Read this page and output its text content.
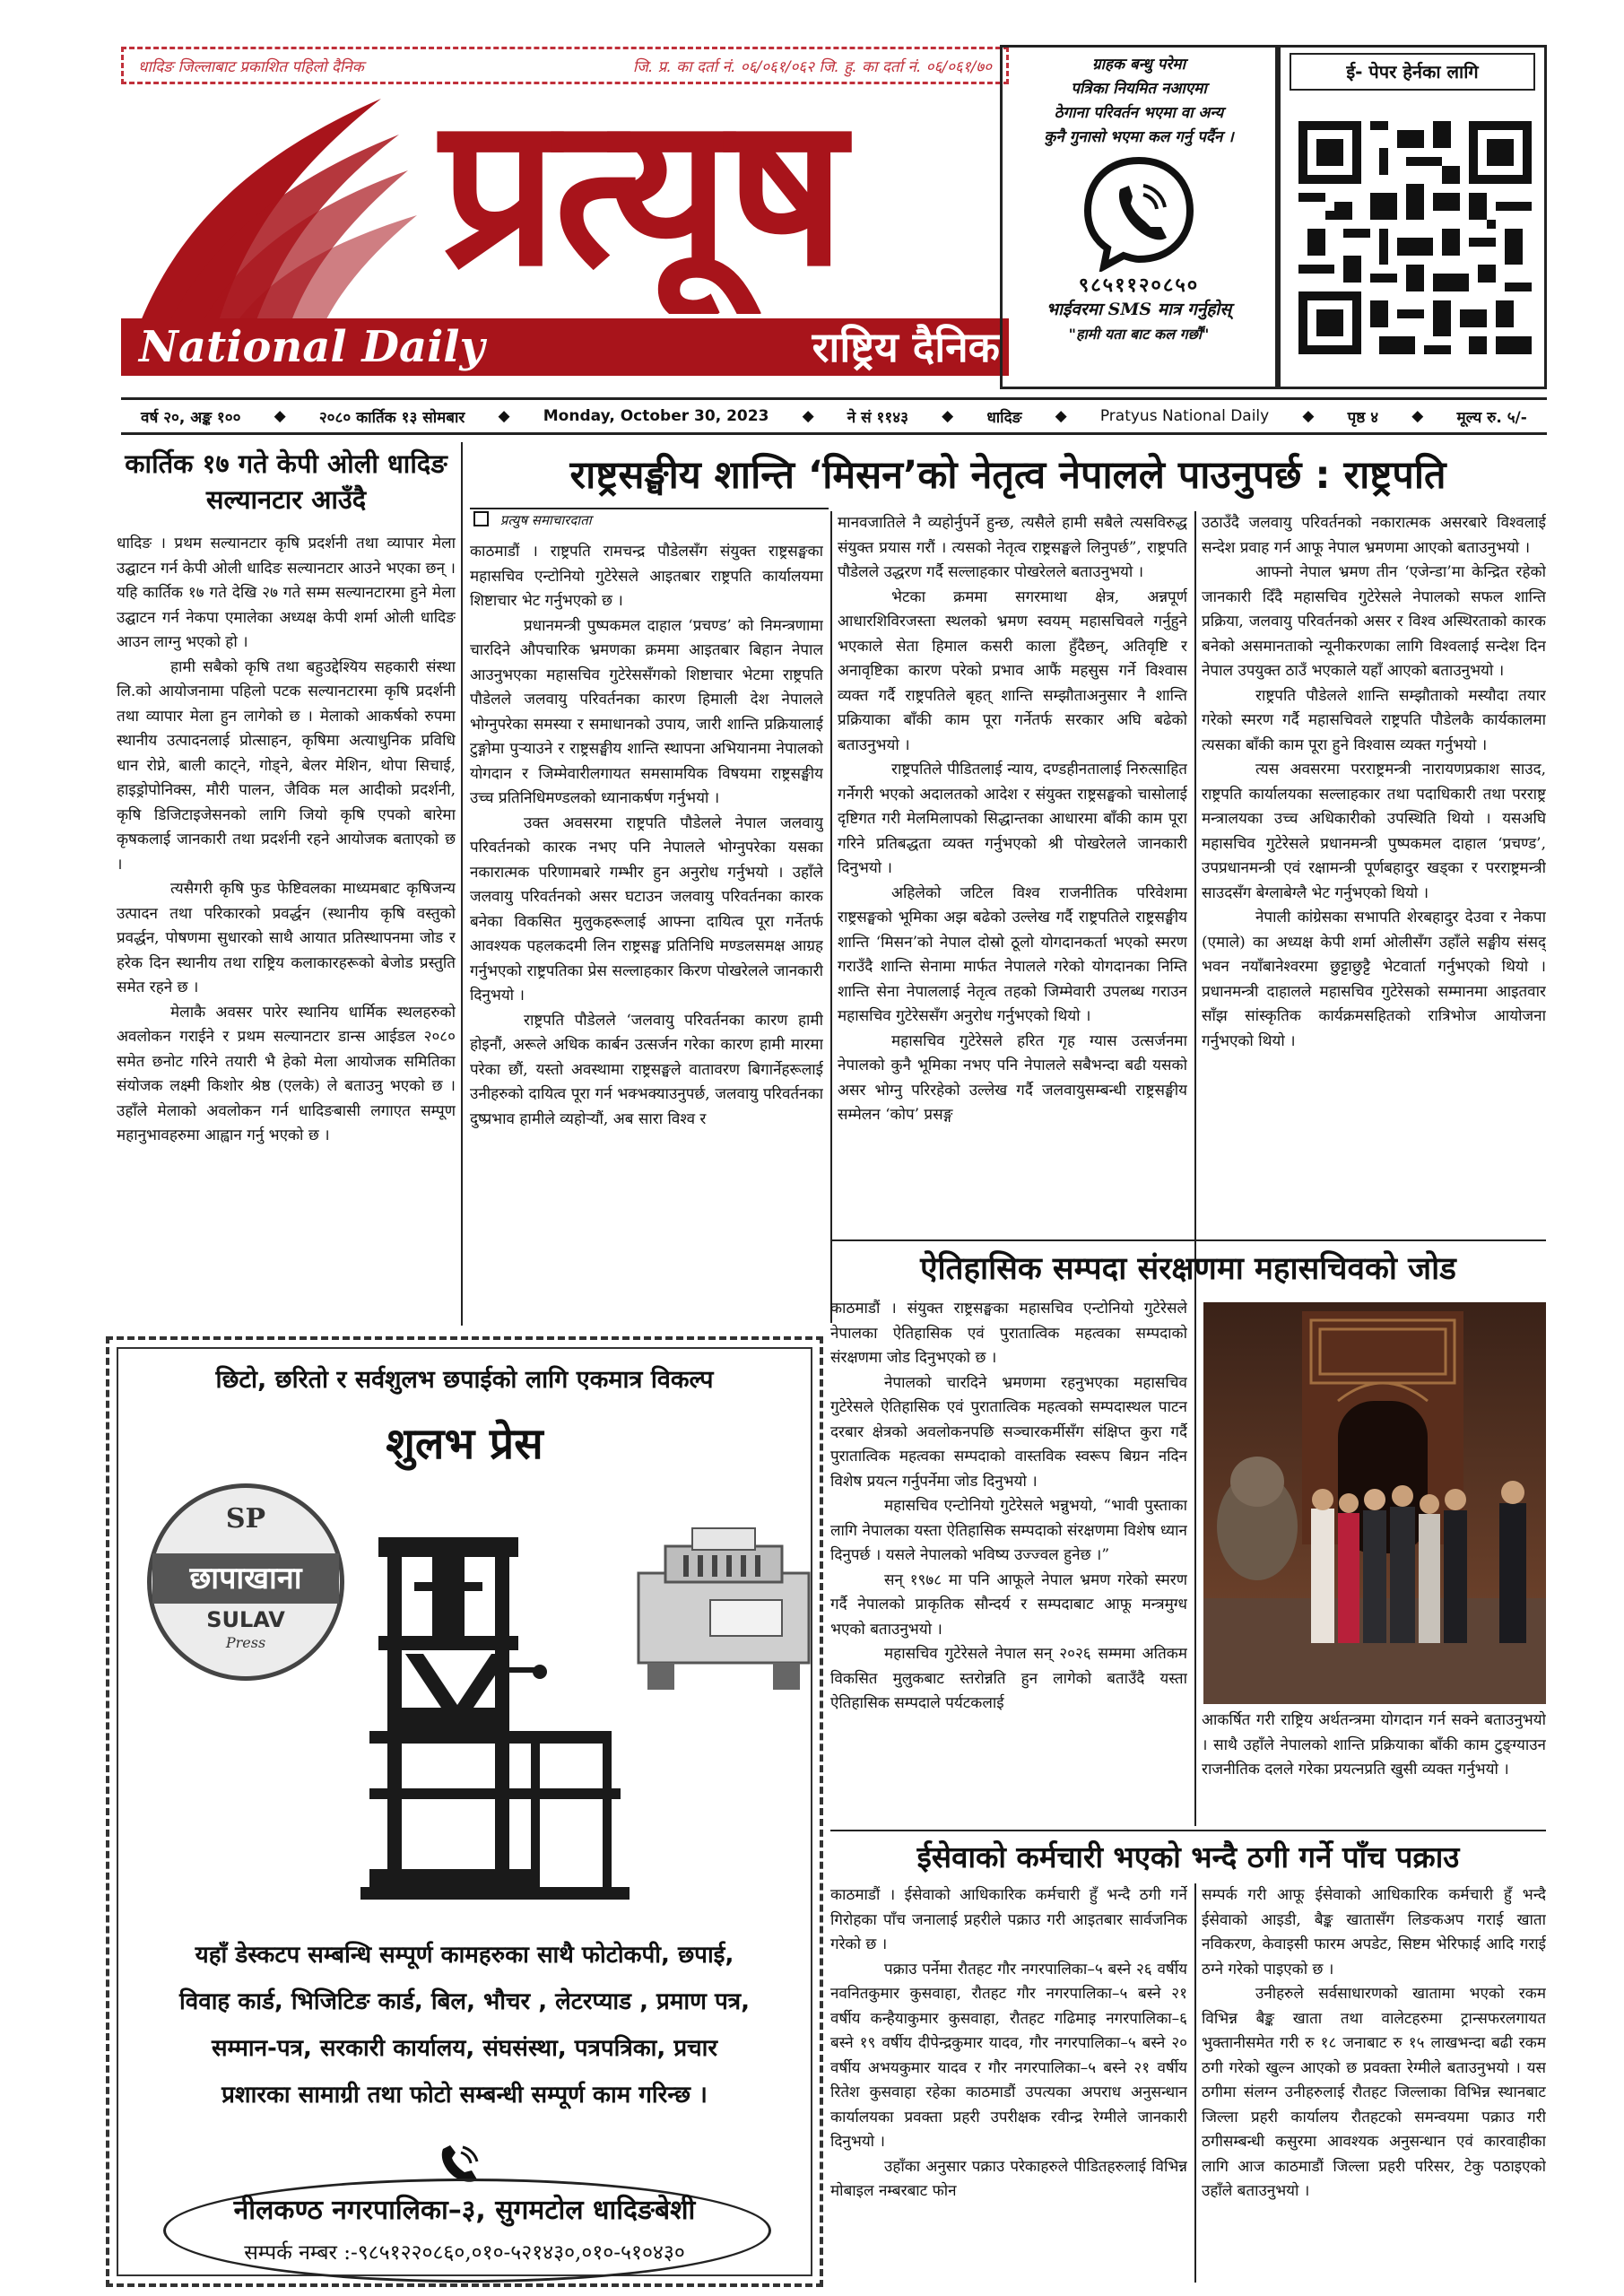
धादिङ जिल्लाबाट प्रकाशित पहिलो दैनिक	जि. प्र. का दर्ता नं. ०६/०६१/०६२ जि. हु. का दर्ता नं. ०६/०६१/७०
प्रत्यूष
National Daily	राष्ट्रिय दैनिक
ग्राहक बन्धु परेमा
पत्रिका नियमित नआएमा
ठेगाना परिवर्तन भएमा वा अन्य
कुनै गुनासो भएमा कल गर्नु पर्दैन ।
९८५११२०८५०
भाईवरमा SMS मात्र गर्नुहोस्
"हामी यता बाट कल गर्छौं"
ई- पेपर हेर्नका लागि
वर्ष २०, अङ्क १०० ◆ २०८० कार्तिक १३ सोमबार ◆ Monday, October 30, 2023 ◆ ने सं ११४३ ◆ धादिङ ◆ Pratyus National Daily ◆ पृष्ठ ४ ◆ मूल्य रु. ५/-
कार्तिक १७ गते केपी ओली धादिङ सल्यानटार आउँदै

धादिङ । प्रथम सल्यानटार कृषि प्रदर्शनी तथा व्यापार मेला उद्घाटन गर्न केपी ओली धादिङ सल्यानटार आउने भएका छन् । यहि कार्तिक १७ गते देखि २७ गते सम्म सल्यानटारमा हुने मेला उद्घाटन गर्न नेकपा एमालेका अध्यक्ष केपी शर्मा ओली धादिङ आउन लाग्नु भएको हो ।

हामी सबैको कृषि तथा बहुउद्देश्यिय सहकारी संस्था लि.को आयोजनामा पहिलो पटक सल्यानटारमा कृषि प्रदर्शनी तथा व्यापार मेला हुन लागेको छ । मेलाको आकर्षको रुपमा स्थानीय उत्पादनलाई प्रोत्साहन, कृषिमा अत्याधुनिक प्रविधि धान रोप्ने, बाली काट्ने, गोड्ने, बेलर मेशिन, थोपा सिचाई, हाइड्रोपोनिक्स, मौरी पालन, जैविक मल आदीको प्रदर्शनी, कृषि डिजिटाइजेसनको लागि जियो कृषि एपको बारेमा कृषकलाई जानकारी तथा प्रदर्शनी रहने आयोजक बताएको छ ।

त्यसैगरी कृषि फुड फेष्टिवलका माध्यमबाट कृषिजन्य उत्पादन तथा परिकारको प्रवर्द्धन (स्थानीय कृषि वस्तुको प्रवर्द्धन, पोषणमा सुधारको साथै आयात प्रतिस्थापनमा जोड र हरेक दिन स्थानीय तथा राष्ट्रिय कलाकारहरूको बेजोड प्रस्तुति समेत रहने छ ।

मेलाकै अवसर पारेर स्थानिय धार्मिक स्थलहरुको अवलोकन गराईने र प्रथम सल्यानटार डान्स आईडल २०८० समेत छनोट गरिने तयारी भै हेको मेला आयोजक समितिका संयोजक लक्ष्मी किशोर श्रेष्ठ (एलके) ले बताउनु भएको छ । उहाँले मेलाको अवलोकन गर्न धादिङबासी लगाएत सम्पूण महानुभावहरुमा आह्वान गर्नु भएको छ ।

राष्ट्रसङ्घीय शान्ति ‘मिसन’को नेतृत्व नेपालले पाउनुपर्छ : राष्ट्रपति
प्रत्युष समाचारदाता

काठमाडौं । राष्ट्रपति रामचन्द्र पौडेलसँग संयुक्त राष्ट्रसङ्घका महासचिव एन्टोनियो गुटेरेसले आइतबार राष्ट्रपति कार्यालयमा शिष्टाचार भेट गर्नुभएको छ ।

प्रधानमन्त्री पुष्पकमल दाहाल ‘प्रचण्ड’ को निमन्त्रणामा चारदिने औपचारिक भ्रमणका क्रममा आइतबार बिहान नेपाल आउनुभएका महासचिव गुटेरेससँगको शिष्टाचार भेटमा राष्ट्रपति पौडेलले जलवायु परिवर्तनका कारण हिमाली देश नेपालले भोग्नुपरेका समस्या र समाधानको उपाय, जारी शान्ति प्रक्रियालाई टुङ्गोमा पुऱ्याउने र राष्ट्रसङ्घीय शान्ति स्थापना अभियानमा नेपालको योगदान र जिम्मेवारीलगायत समसामयिक विषयमा राष्ट्रसङ्घीय उच्च प्रतिनिधिमण्डलको ध्यानाकर्षण गर्नुभयो ।

उक्त अवसरमा राष्ट्रपति पौडेलले नेपाल जलवायु परिवर्तनको कारक नभए पनि नेपालले भोग्नुपरेका यसका नकारात्मक परिणामबारे गम्भीर हुन अनुरोध गर्नुभयो । उहाँले जलवायु परिवर्तनको असर घटाउन जलवायु परिवर्तनका कारक बनेका विकसित मुलुकहरूलाई आफ्ना दायित्व पूरा गर्नेतर्फ आवश्यक पहलकदमी लिन राष्ट्रसङ्घ प्रतिनिधि मण्डलसमक्ष आग्रह गर्नुभएको राष्ट्रपतिका प्रेस सल्लाहकार किरण पोखरेलले जानकारी दिनुभयो ।

राष्ट्रपति पौडेलले ‘जलवायु परिवर्तनका कारण हामी होइनौं, अरूले अधिक कार्बन उत्सर्जन गरेका कारण हामी मारमा परेका छौं, यस्तो अवस्थामा राष्ट्रसङ्घले वातावरण बिगार्नेहरूलाई उनीहरुको दायित्व पूरा गर्न भक्भक्याउनुपर्छ, जलवायु परिवर्तनका दुष्प्रभाव हामीले व्यहोर्‍यौं, अब सारा विश्व र

मानवजातिले नै व्यहोर्नुपर्ने हुन्छ, त्यसैले हामी सबैले त्यसविरुद्ध संयुक्त प्रयास गरौं । त्यसको नेतृत्व राष्ट्रसङ्घले लिनुपर्छ”, राष्ट्रपति पौडेलले उद्धरण गर्दै सल्लाहकार पोखरेलले बताउनुभयो ।

भेटका क्रममा सगरमाथा क्षेत्र, अन्नपूर्ण आधारशिविरजस्ता स्थलको भ्रमण स्वयम् महासचिवले गर्नुहुने भएकाले सेता हिमाल कसरी काला हुँदैछन्, अतिवृष्टि र अनावृष्टिका कारण परेको प्रभाव आफैं महसुस गर्ने विश्वास व्यक्त गर्दै राष्ट्रपतिले बृहत् शान्ति सम्झौताअनुसार नै शान्ति प्रक्रियाका बाँकी काम पूरा गर्नेतर्फ सरकार अघि बढेको बताउनुभयो ।

राष्ट्रपतिले पीडितलाई न्याय, दण्डहीनतालाई निरुत्साहित गर्नेगरी भएको अदालतको आदेश र संयुक्त राष्ट्रसङ्घको चासोलाई दृष्टिगत गरी मेलमिलापको सिद्धान्तका आधारमा बाँकी काम पूरा गरिने प्रतिबद्धता व्यक्त गर्नुभएको श्री पोखरेलले जानकारी दिनुभयो ।

अहिलेको जटिल विश्व राजनीतिक परिवेशमा राष्ट्रसङ्घको भूमिका अझ बढेको उल्लेख गर्दै राष्ट्रपतिले राष्ट्रसङ्घीय शान्ति ‘मिसन’को नेपाल दोस्रो ठूलो योगदानकर्ता भएको स्मरण गराउँदै शान्ति सेनामा मार्फत नेपालले गरेको योगदानका निम्ति शान्ति सेना नेपाललाई नेतृत्व तहको जिम्मेवारी उपलब्ध गराउन महासचिव गुटेरेससँग अनुरोध गर्नुभएको थियो ।

महासचिव गुटेरेसले हरित गृह ग्यास उत्सर्जनमा नेपालको कुनै भूमिका नभए पनि नेपालले सबैभन्दा बढी यसको असर भोग्नु परिरहेको उल्लेख गर्दै जलवायुसम्बन्धी राष्ट्रसङ्घीय सम्मेलन ‘कोप’ प्रसङ्ग

उठाउँदै जलवायु परिवर्तनको नकारात्मक असरबारे विश्वलाई सन्देश प्रवाह गर्न आफू नेपाल भ्रमणमा आएको बताउनुभयो ।

आफ्नो नेपाल भ्रमण तीन ‘एजेन्डा’मा केन्द्रित रहेको जानकारी दिँदै महासचिव गुटेरेसले नेपालको सफल शान्ति प्रक्रिया, जलवायु परिवर्तनको असर र विश्व अस्थिरताको कारक बनेको असमानताको न्यूनीकरणका लागि विश्वलाई सन्देश दिन नेपाल उपयुक्त ठाउँ भएकाले यहाँ आएको बताउनुभयो ।

राष्ट्रपति पौडेलले शान्ति सम्झौताको मस्यौदा तयार गरेको स्मरण गर्दै महासचिवले राष्ट्रपति पौडेलकै कार्यकालमा त्यसका बाँकी काम पूरा हुने विश्वास व्यक्त गर्नुभयो ।

त्यस अवसरमा परराष्ट्रमन्त्री नारायणप्रकाश साउद, राष्ट्रपति कार्यालयका सल्लाहकार तथा पदाधिकारी तथा परराष्ट्र मन्त्रालयका उच्च अधिकारीको उपस्थिति थियो । यसअघि महासचिव गुटेरेसले प्रधानमन्त्री पुष्पकमल दाहाल ‘प्रचण्ड’, उपप्रधानमन्त्री एवं रक्षामन्त्री पूर्णबहादुर खड्का र परराष्ट्रमन्त्री साउदसँग बेग्लाबेग्लै भेट गर्नुभएको थियो ।

नेपाली कांग्रेसका सभापति शेरबहादुर देउवा र नेकपा (एमाले) का अध्यक्ष केपी शर्मा ओलीसँग उहाँले सङ्घीय संसद् भवन नयाँबानेश्वरमा छुट्टाछुट्टै भेटवार्ता गर्नुभएको थियो । प्रधानमन्त्री दाहालले महासचिव गुटेरेसको सम्मानमा आइतवार साँझ सांस्कृतिक कार्यक्रमसहितको रात्रिभोज आयोजना गर्नुभएको थियो ।

ऐतिहासिक सम्पदा संरक्षणमा महासचिवको जोड

काठमाडौं । संयुक्त राष्ट्रसङ्घका महासचिव एन्टोनियो गुटेरेसले नेपालका ऐतिहासिक एवं पुरातात्विक महत्वका सम्पदाको संरक्षणमा जोड दिनुभएको छ ।

नेपालको चारदिने भ्रमणमा रहनुभएका महासचिव गुटेरेसले ऐतिहासिक एवं पुरातात्विक महत्वको सम्पदास्थल पाटन दरबार क्षेत्रको अवलोकनपछि सञ्चारकर्मीसँग संक्षिप्त कुरा गर्दै पुरातात्विक महत्वका सम्पदाको वास्तविक स्वरूप बिग्रन नदिन विशेष प्रयत्न गर्नुपर्नेमा जोड दिनुभयो ।

महासचिव एन्टोनियो गुटेरेसले भन्नुभयो, “भावी पुस्ताका लागि नेपालका यस्ता ऐतिहासिक सम्पदाको संरक्षणमा विशेष ध्यान दिनुपर्छ । यसले नेपालको भविष्य उज्ज्वल हुनेछ ।”

सन् १९७८ मा पनि आफूले नेपाल भ्रमण गरेको स्मरण गर्दै नेपालको प्राकृतिक सौन्दर्य र सम्पदाबाट आफू मन्त्रमुग्ध भएको बताउनुभयो ।

महासचिव गुटेरेसले नेपाल सन् २०२६ सम्ममा अतिकम विकसित मुलुकबाट स्तरोन्नति हुन लागेको बताउँदै यस्ता ऐतिहासिक सम्पदाले पर्यटकलाई

आकर्षित गरी राष्ट्रिय अर्थतन्त्रमा योगदान गर्न सक्ने बताउनुभयो । साथै उहाँले नेपालको शान्ति प्रक्रियाका बाँकी काम टुङ्ग्याउन राजनीतिक दलले गरेका प्रयत्नप्रति खुसी व्यक्त गर्नुभयो ।

ईसेवाको कर्मचारी भएको भन्दै ठगी गर्ने पाँच पक्राउ

काठमाडौं । ईसेवाको आधिकारिक कर्मचारी हुँ भन्दै ठगी गर्ने गिरोहका पाँच जनालाई प्रहरीले पक्राउ गरी आइतबार सार्वजनिक गरेको छ ।

पक्राउ पर्नेमा रौतहट गौर नगरपालिका–५ बस्ने २६ वर्षीय नवनितकुमार कुसवाहा, रौतहट गौर नगरपालिका–५ बस्ने २१ वर्षीय कन्हैयाकुमार कुसवाहा, रौतहट गढिमाइ नगरपालिका–६ बस्ने १९ वर्षीय दीपेन्द्रकुमार यादव, गौर नगरपालिका–५ बस्ने २० वर्षीय अभयकुमार यादव र गौर नगरपालिका–५ बस्ने २१ वर्षीय रितेश कुसवाहा रहेका काठमाडौं उपत्यका अपराध अनुसन्धान कार्यालयका प्रवक्ता प्रहरी उपरीक्षक रवीन्द्र रेग्मीले जानकारी दिनुभयो ।

उहाँका अनुसार पक्राउ परेकाहरुले पीडितहरुलाई विभिन्न मोबाइल नम्बरबाट फोन

सम्पर्क गरी आफू ईसेवाको आधिकारिक कर्मचारी हुँ भन्दै ईसेवाको आइडी, बैङ्क खातासँग लिङकअप गराई खाता नविकरण, केवाइसी फारम अपडेट, सिष्टम भेरिफाई आदि गराई ठग्ने गरेको पाइएको छ ।

उनीहरुले सर्वसाधारणको खातामा भएको रकम विभिन्न बैङ्क खाता तथा वालेटहरुमा ट्रान्सफरलगायत भुक्तानीसमेत गरी रु १८ जनाबाट रु १५ लाखभन्दा बढी रकम ठगी गरेको खुल्न आएको छ प्रवक्ता रेग्मीले बताउनुभयो । यस ठगीमा संलग्न उनीहरुलाई रौतहट जिल्लाका विभिन्न स्थानबाट जिल्ला प्रहरी कार्यालय रौतहटको समन्वयमा पक्राउ गरी ठगीसम्बन्धी कसुरमा आवश्यक अनुसन्धान एवं कारवाहीका लागि आज काठमाडौं जिल्ला प्रहरी परिसर, टेकु पठाइएको उहाँले बताउनुभयो ।

छिटो, छरितो र सर्वशुलभ छपाईको लागि एकमात्र विकल्प
शुलभ प्रेस
SP
छापाखाना
SULAV
Press
यहाँ डेस्कटप सम्बन्धि सम्पूर्ण कामहरुका साथै फोटोकपी, छपाई,
विवाह कार्ड, भिजिटिङ कार्ड, बिल, भौचर , लेटरप्याड , प्रमाण पत्र,
सम्मान-पत्र, सरकारी कार्यालय, संघसंस्था, पत्रपत्रिका, प्रचार
प्रशारका सामाग्री तथा फोटो सम्बन्धी सम्पूर्ण काम गरिन्छ ।
नीलकण्ठ नगरपालिका–३, सुगमटोल धादिङबेशी
सम्पर्क नम्बर :-९८५१२२०८६०,०१०-५२१४३०,०१०-५१०४३०
